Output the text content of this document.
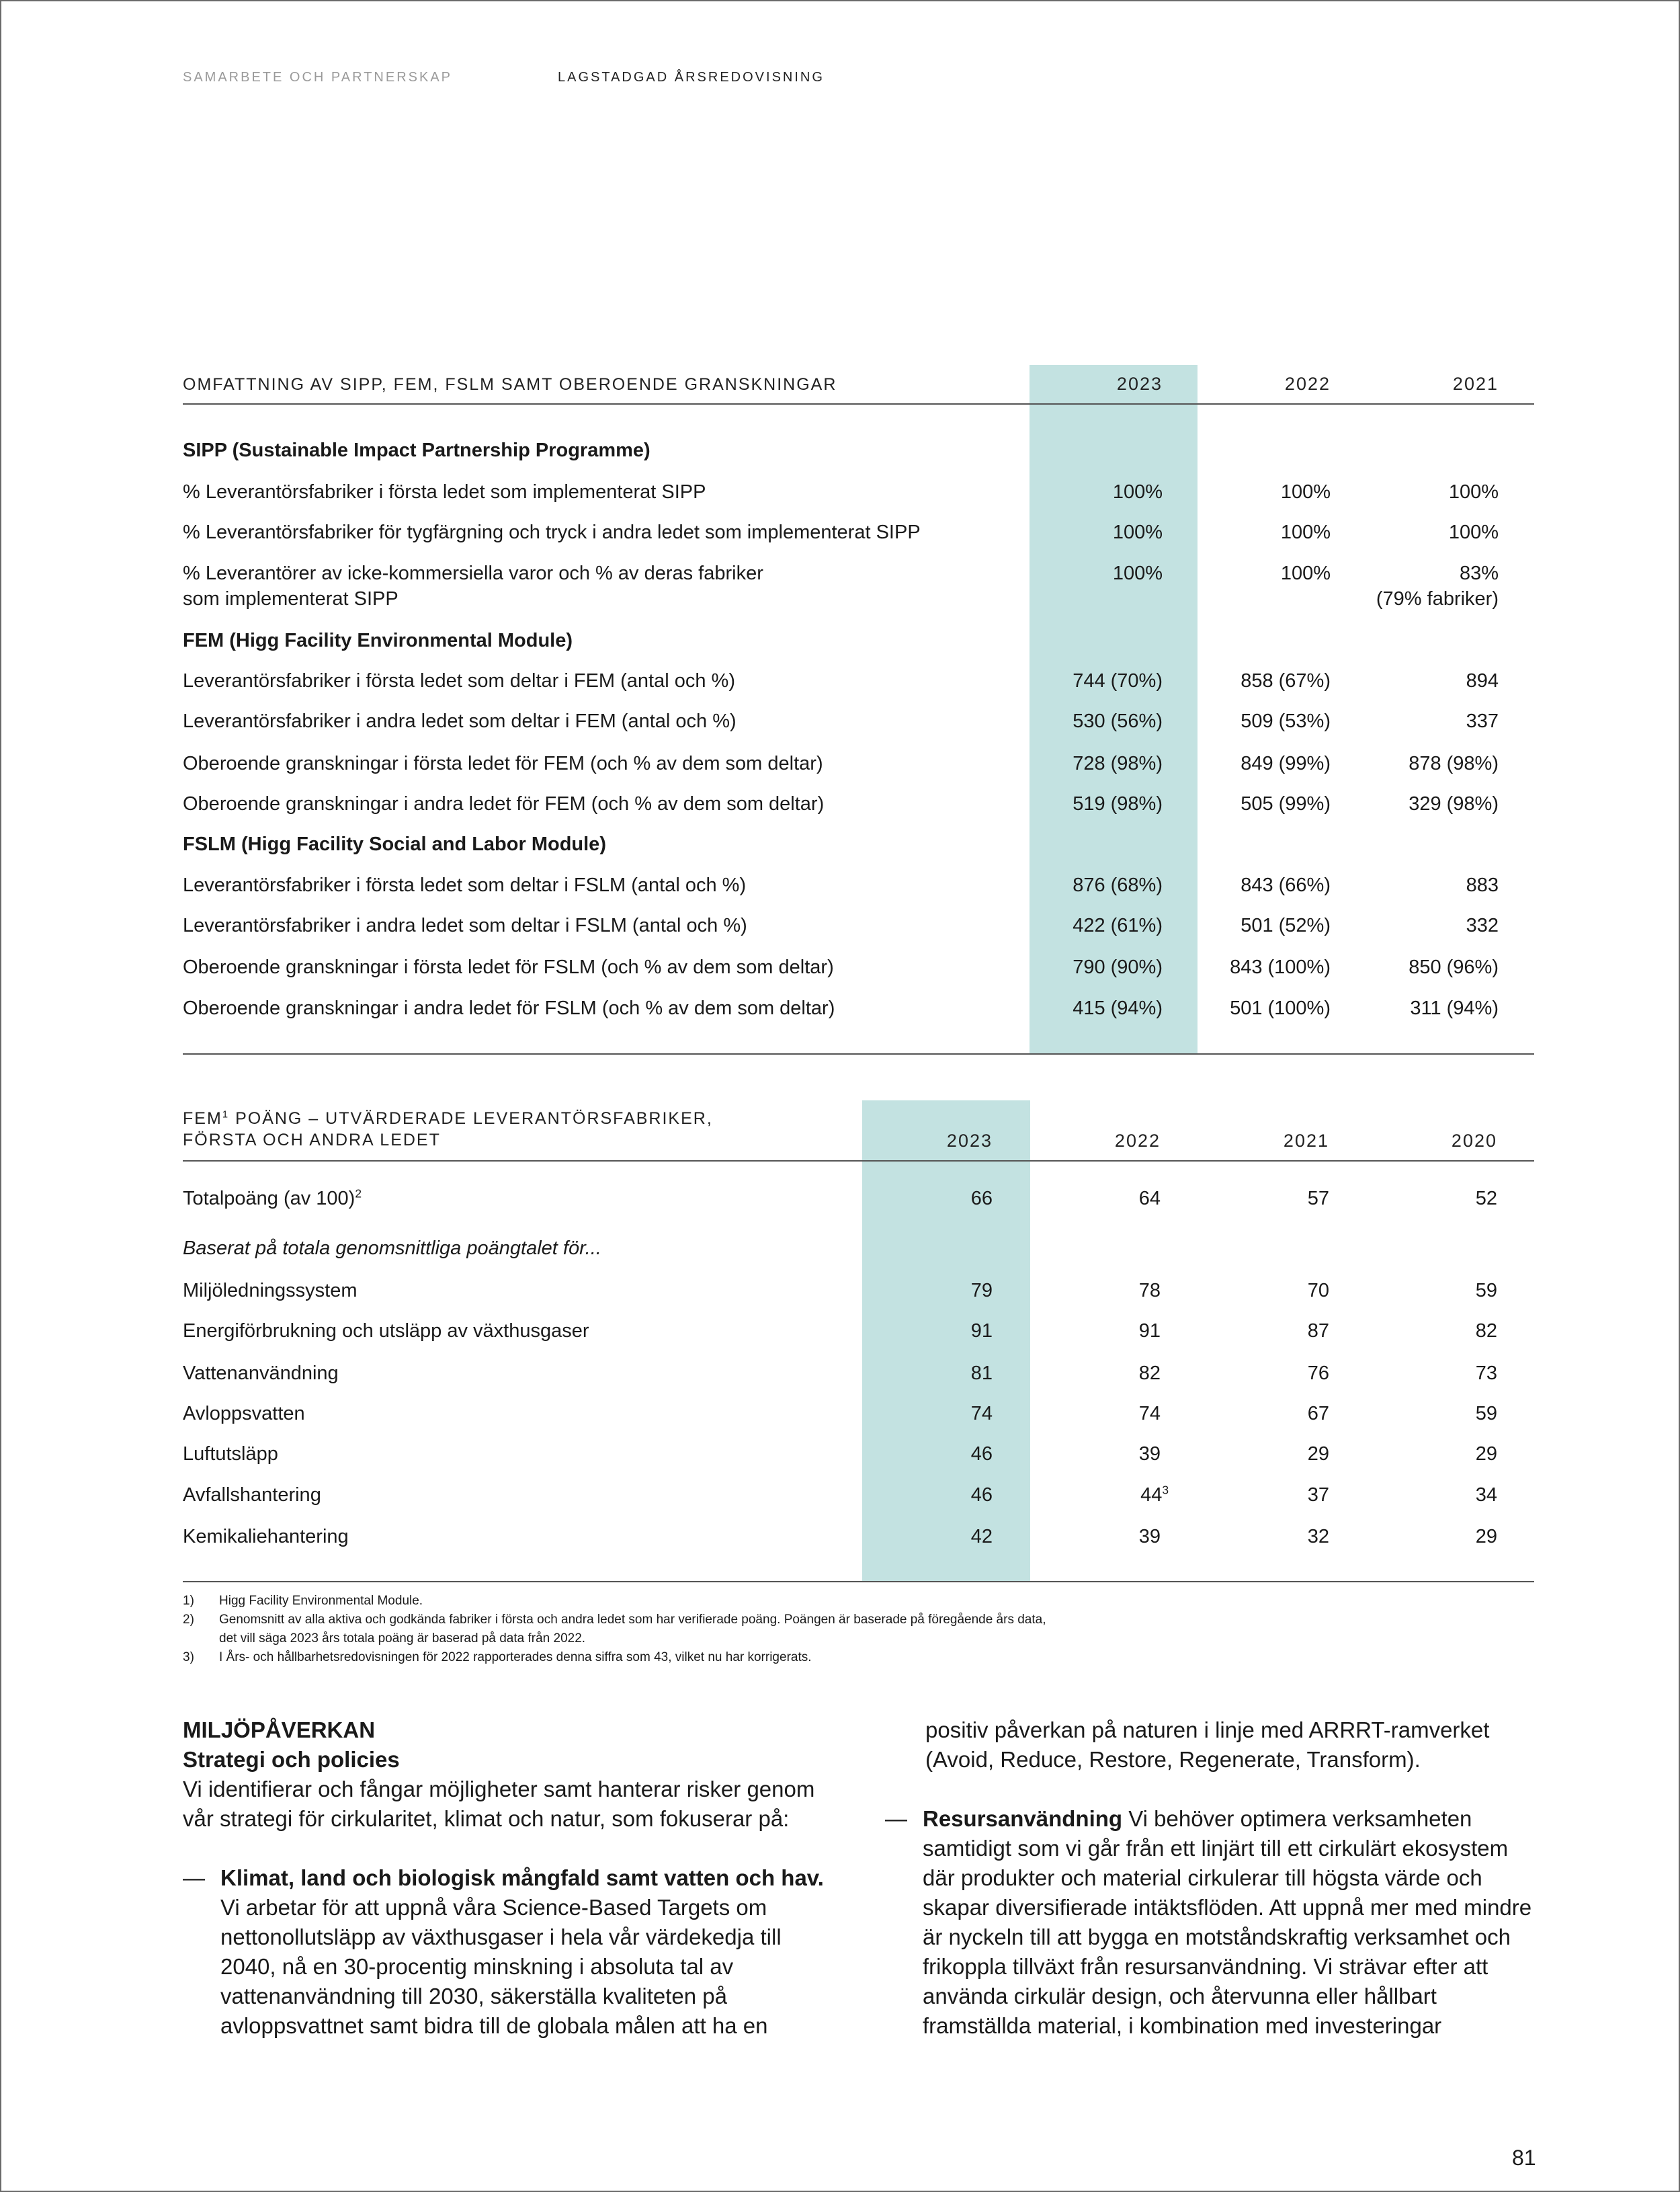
SAMARBETE OCH PARTNERSKAP	LAGSTADGAD ÅRSREDOVISNING
OMFATTNING AV SIPP, FEM, FSLM SAMT OBEROENDE GRANSKNINGAR	2023	2022	2021
SIPP (Sustainable Impact Partnership Programme)
% Leverantörsfabriker i första ledet som implementerat SIPP	100%	100%	100%
% Leverantörsfabriker för tygfärgning och tryck i andra ledet som implementerat SIPP	100%	100%	100%
% Leverantörer av icke-kommersiella varor och % av deras fabriker
som implementerat SIPP
100%	100%	83%
(79% fabriker)
FEM (Higg Facility Environmental Module)
Leverantörsfabriker i första ledet som deltar i FEM (antal och %)	744 (70%)	858 (67%)	894
Leverantörsfabriker i andra ledet som deltar i FEM (antal och %)	530 (56%)	509 (53%)	337
Oberoende granskningar i första ledet för FEM (och % av dem som deltar)	728 (98%)	849 (99%)	878 (98%)
Oberoende granskningar i andra ledet för FEM (och % av dem som deltar)	519 (98%)	505 (99%)	329 (98%)
FSLM (Higg Facility Social and Labor Module)
Leverantörsfabriker i första ledet som deltar i FSLM (antal och %)	876 (68%)	843 (66%)	883
Leverantörsfabriker i andra ledet som deltar i FSLM (antal och %)	422 (61%)	501 (52%)	332
Oberoende granskningar i första ledet för FSLM (och % av dem som deltar)	790 (90%)	843 (100%)	850 (96%)
Oberoende granskningar i andra ledet för FSLM (och % av dem som deltar)	415 (94%)	501 (100%)	311 (94%)
FEM$^1$ POÄNG – UTVÄRDERADE LEVERANTÖRSFABRIKER,
FÖRSTA OCH ANDRA LEDET	2023	2022	2021	2020
Totalpoäng (av 100)$^2$	66	64	57	52
Miljöledningssystem	79	78	70	59
Energiförbrukning och utsläpp av växthusgaser	91	91	87	82
Vattenanvändning	81	82	76	73
Avloppsvatten	74	74	67	59
Luftutsläpp	46	39	29	29
Avfallshantering	46	$44^3$	37	34
Kemikaliehantering	42	39	32	29
Baserat på totala genomsnittliga poängtalet för...
1) Higg Facility Environmental Module.
2) Genomsnitt av alla aktiva och godkända fabriker i första och andra ledet som har verifierade poäng. Poängen är baserade på föregående års data,
det vill säga 2023 års totala poäng är baserad på data från 2022.
3) I Års- och hållbarhetsredovisningen för 2022 rapporterades denna siffra som 43, vilket nu har korrigerats.

MILJÖPÅVERKAN

Strategi och policies

Vi identifierar och fångar möjligheter samt hanterar risker genom vår strategi för cirkularitet, klimat och natur, som fokuserar på:

— Klimat, land och biologisk mångfald samt vatten och hav. Vi arbetar för att uppnå våra Science-Based Targets om nettonollutsläpp av växthusgaser i hela vår värdekedja till 2040, nå en 30-procentig minskning i absoluta tal av vattenanvändning till 2030, säkerställa kvaliteten på avloppsvattnet samt bidra till de globala målen att ha en

positiv påverkan på naturen i linje med ARRRT-ramverket (Avoid, Reduce, Restore, Regenerate, Transform).

— Resursanvändning Vi behöver optimera verksamheten samtidigt som vi går från ett linjärt till ett cirkulärt ekosystem där produkter och material cirkulerar till högsta värde och skapar diversifierade intäktsflöden. Att uppnå mer med mindre är nyckeln till att bygga en motståndskraftig verksamhet och frikoppla tillväxt från resursanvändning. Vi strävar efter att använda cirkulär design, och återvunna eller hållbart framställda material, i kombination med investeringar

81
